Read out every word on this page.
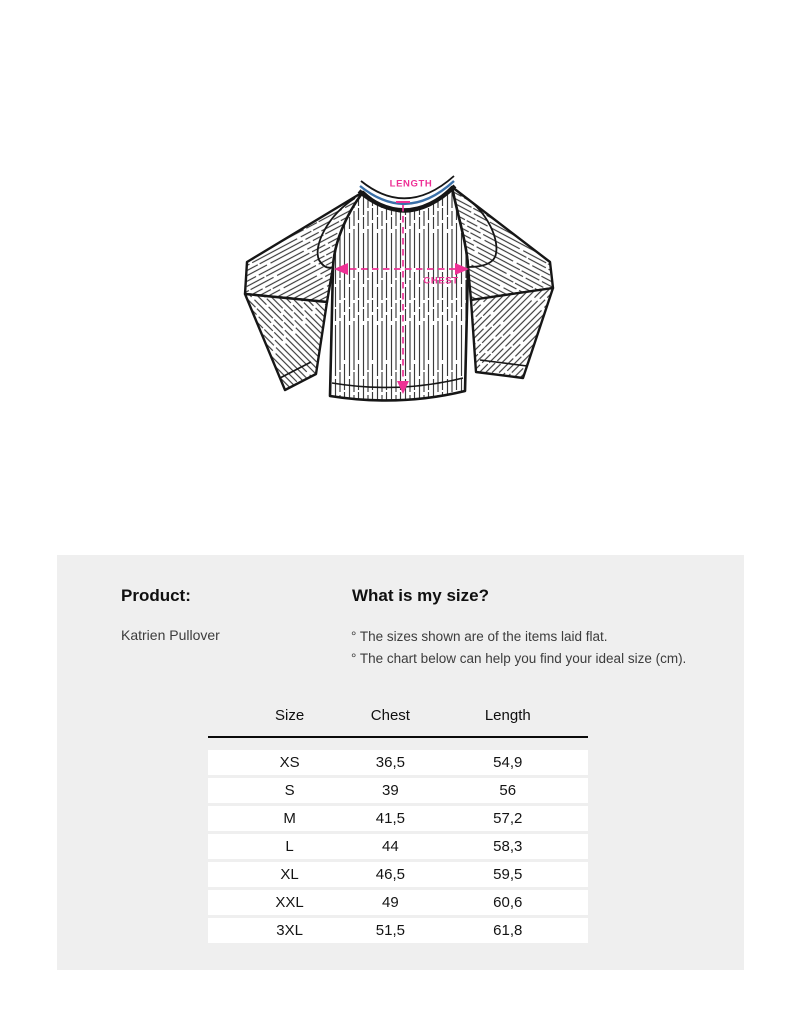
LENGTH
CHEST
Product:
Katrien Pullover
What is my size?
° The sizes shown are of the items laid flat.
° The chart below can help you find your ideal size (cm).
Size	Chest	Length
XS	36,5	54,9
S	39	56
M	41,5	57,2
L	44	58,3
XL	46,5	59,5
XXL	49	60,6
3XL	51,5	61,8
